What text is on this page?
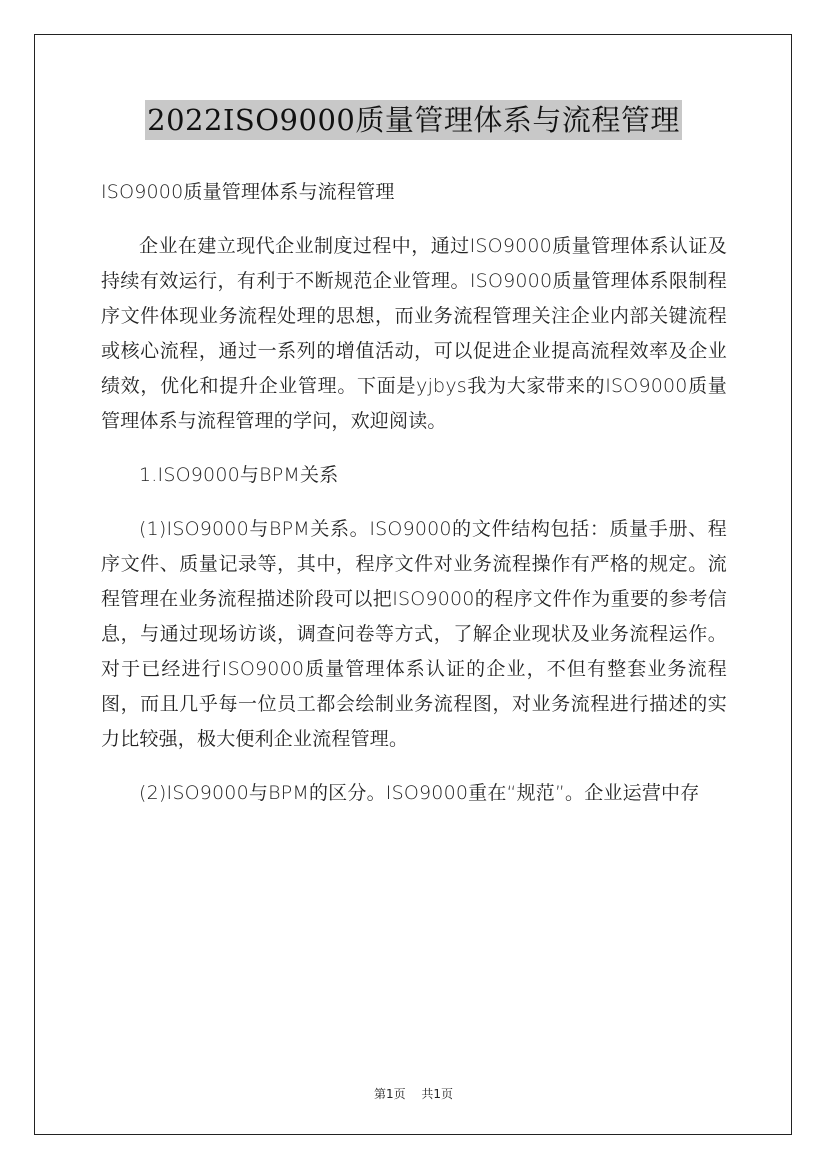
2022ISO9000质量管理体系与流程管理

ISO9000质量管理体系与流程管理

企业在建立现代企业制度过程中，通过ISO9000质量管理体系认证及持续有效运行，有利于不断规范企业管理。ISO9000质量管理体系限制程序文件体现业务流程处理的思想，而业务流程管理关注企业内部关键流程或核心流程，通过一系列的增值活动，可以促进企业提高流程效率及企业绩效，优化和提升企业管理。下面是yjbys我为大家带来的ISO9000质量管理体系与流程管理的学问，欢迎阅读。

1.ISO9000与BPM关系

(1)ISO9000与BPM关系。ISO9000的文件结构包括：质量手册、程序文件、质量记录等，其中，程序文件对业务流程操作有严格的规定。流程管理在业务流程描述阶段可以把ISO9000的程序文件作为重要的参考信息，与通过现场访谈，调查问卷等方式，了解企业现状及业务流程运作。对于已经进行ISO9000质量管理体系认证的企业，不但有整套业务流程图，而且几乎每一位员工都会绘制业务流程图，对业务流程进行描述的实力比较强，极大便利企业流程管理。

(2)ISO9000与BPM的区分。ISO9000重在“规范”。企业运营中存

第1页 共1页
